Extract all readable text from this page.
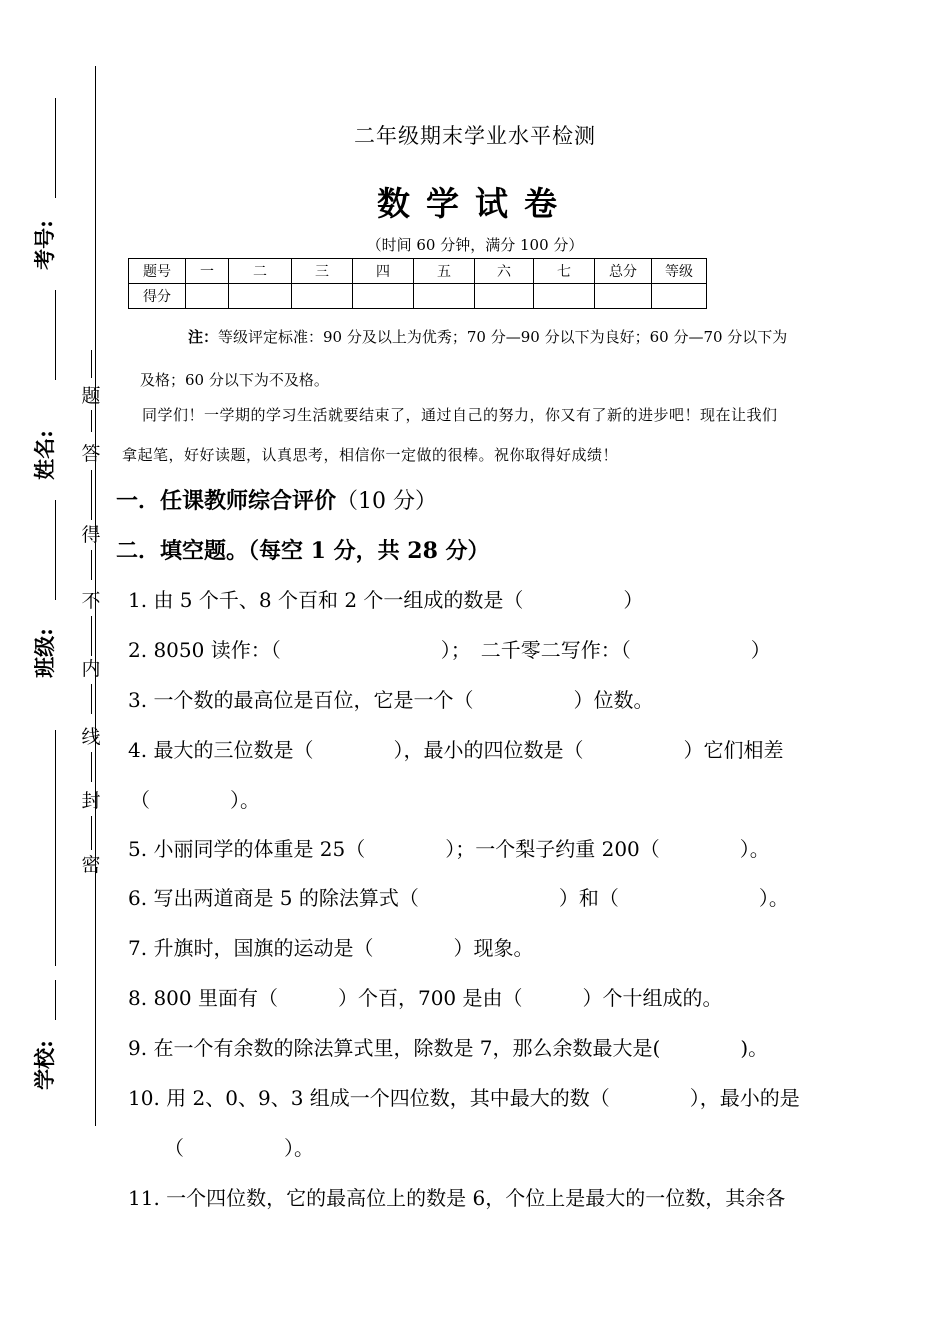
考号:
姓名:
班级:
学校:
题
答
得
不
内
线
封
密
二年级期末学业水平检测
数学试卷
（时间 60 分钟，满分 100 分）
题号	一	二	三	四	五	六	七	总分	等级
得分									
注：等级评定标准：90 分及以上为优秀；70 分—90 分以下为良好；60 分—70 分以下为
及格；60 分以下为不及格。
同学们！一学期的学习生活就要结束了，通过自己的努力，你又有了新的进步吧！现在让我们
拿起笔，好好读题，认真思考，相信你一定做的很棒。祝你取得好成绩！
一．任课教师综合评价（10 分）
二．填空题。（每空 1 分，共 28 分）
1. 由 5 个千、8 个百和 2 个一组成的数是（　　　　　）
2. 8050 读作：（　　　　　　　　）；　二千零二写作：（　　　　　　）
3. 一个数的最高位是百位，它是一个（　　　　　）位数。
4. 最大的三位数是（　　　　），最小的四位数是（　　　　　）它们相差
（　　　　）。
5. 小丽同学的体重是 25（　　　　）；一个梨子约重 200（　　　　）。
6. 写出两道商是 5 的除法算式（　　　　　　　）和（　　　　　　　）。
7. 升旗时，国旗的运动是（　　　　）现象。
8. 800 里面有（　　　）个百，700 是由（　　　）个十组成的。
9. 在一个有余数的除法算式里，除数是 7，那么余数最大是(　　　　)。
10. 用 2、0、9、3 组成一个四位数，其中最大的数（　　　　），最小的是
（　　　　　）。
11. 一个四位数，它的最高位上的数是 6，个位上是最大的一位数，其余各
